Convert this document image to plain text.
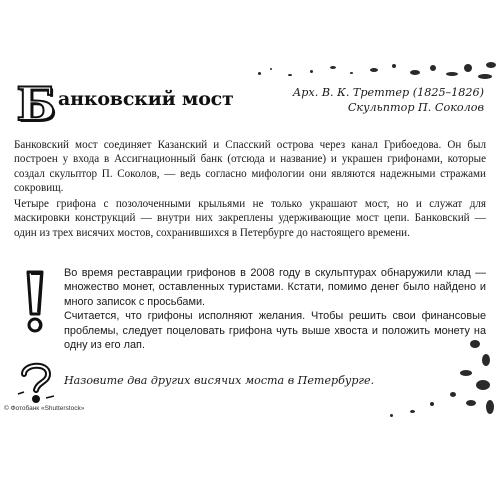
Б анковский мост	Арх. В. К. Треттер (1825–1826)
Скульптор П. Соколов

Банковский мост соединяет Казанский и Спасский острова через канал Грибоедова. Он был построен у входа в Ассигнационный банк (отсюда и название) и украшен грифонами, которые создал скульптор П. Соколов, — ведь согласно мифологии они являются надежными стражами сокровищ.

Четыре грифона с позолоченными крыльями не только украшают мост, но и служат для маскировки конструкций — внутри них закреплены удерживающие мост цепи. Банковский — один из трех висячих мостов, сохранившихся в Петербурге до настоящего времени.

Во время реставрации грифонов в 2008 году в скульптурах обнаружили клад — множество монет, оставленных туристами. Кстати, помимо денег было найдено и много записок с просьбами.

Считается, что грифоны исполняют желания. Чтобы решить свои финансовые проблемы, следует поцеловать грифона чуть выше хвоста и положить монету на одну из его лап.

Назовите два других висячих моста в Петербурге.
© Фотобанк «Shutterstock»
